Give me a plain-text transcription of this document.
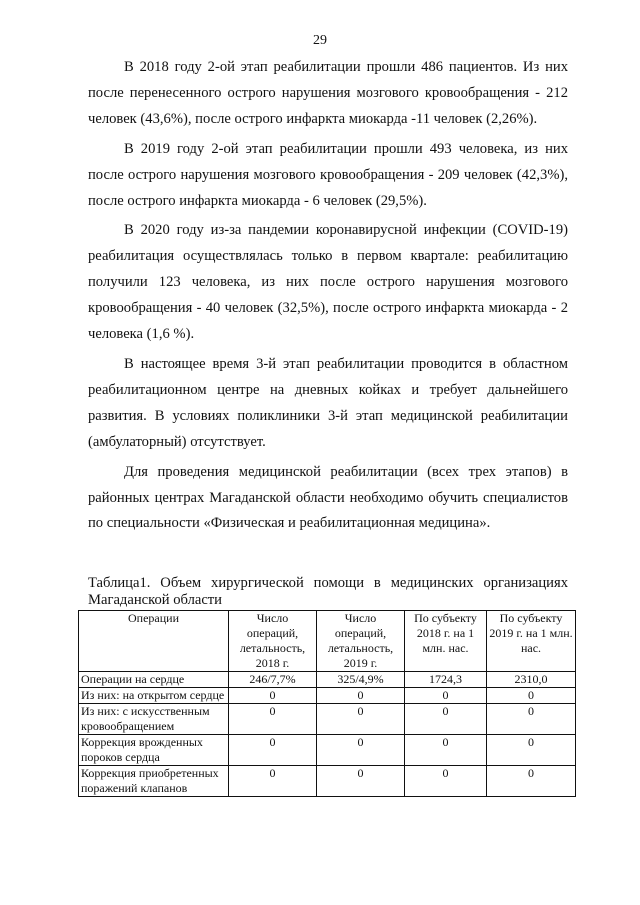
29

В 2018 году 2-ой этап реабилитации прошли 486 пациентов. Из них после перенесенного острого нарушения мозгового кровообращения - 212 человек (43,6%), после острого инфаркта миокарда -11 человек (2,26%).

В 2019 году 2-ой этап реабилитации прошли 493 человека, из них после острого нарушения мозгового кровообращения - 209 человек (42,3%), после острого инфаркта миокарда - 6 человек (29,5%).

В 2020 году из-за пандемии коронавирусной инфекции (COVID-19) реабилитация осуществлялась только в первом квартале: реабилитацию получили 123 человека, из них после острого нарушения мозгового кровообращения - 40 человек (32,5%), после острого инфаркта миокарда - 2 человека (1,6 %).

В настоящее время 3-й этап реабилитации проводится в областном реабилитационном центре на дневных койках и требует дальнейшего развития. В условиях поликлиники 3-й этап медицинской реабилитации (амбулаторный) отсутствует.

Для проведения медицинской реабилитации (всех трех этапов) в районных центрах Магаданской области необходимо обучить специалистов по специальности «Физическая и реабилитационная медицина».

Таблица1. Объем хирургической помощи в медицинских организациях Магаданской области
Операции	Число операций, летальность, 2018 г.	Число операций, летальность, 2019 г.	По субъекту 2018 г. на 1 млн. нас.	По субъекту 2019 г. на 1 млн. нас.
Операции на сердце	246/7,7%	325/4,9%	1724,3	2310,0
Из них: на открытом сердце	0	0	0	0
Из них: с искусственным кровообращением	0	0	0	0
Коррекция врожденных пороков сердца	0	0	0	0
Коррекция приобретенных поражений клапанов	0	0	0	0
